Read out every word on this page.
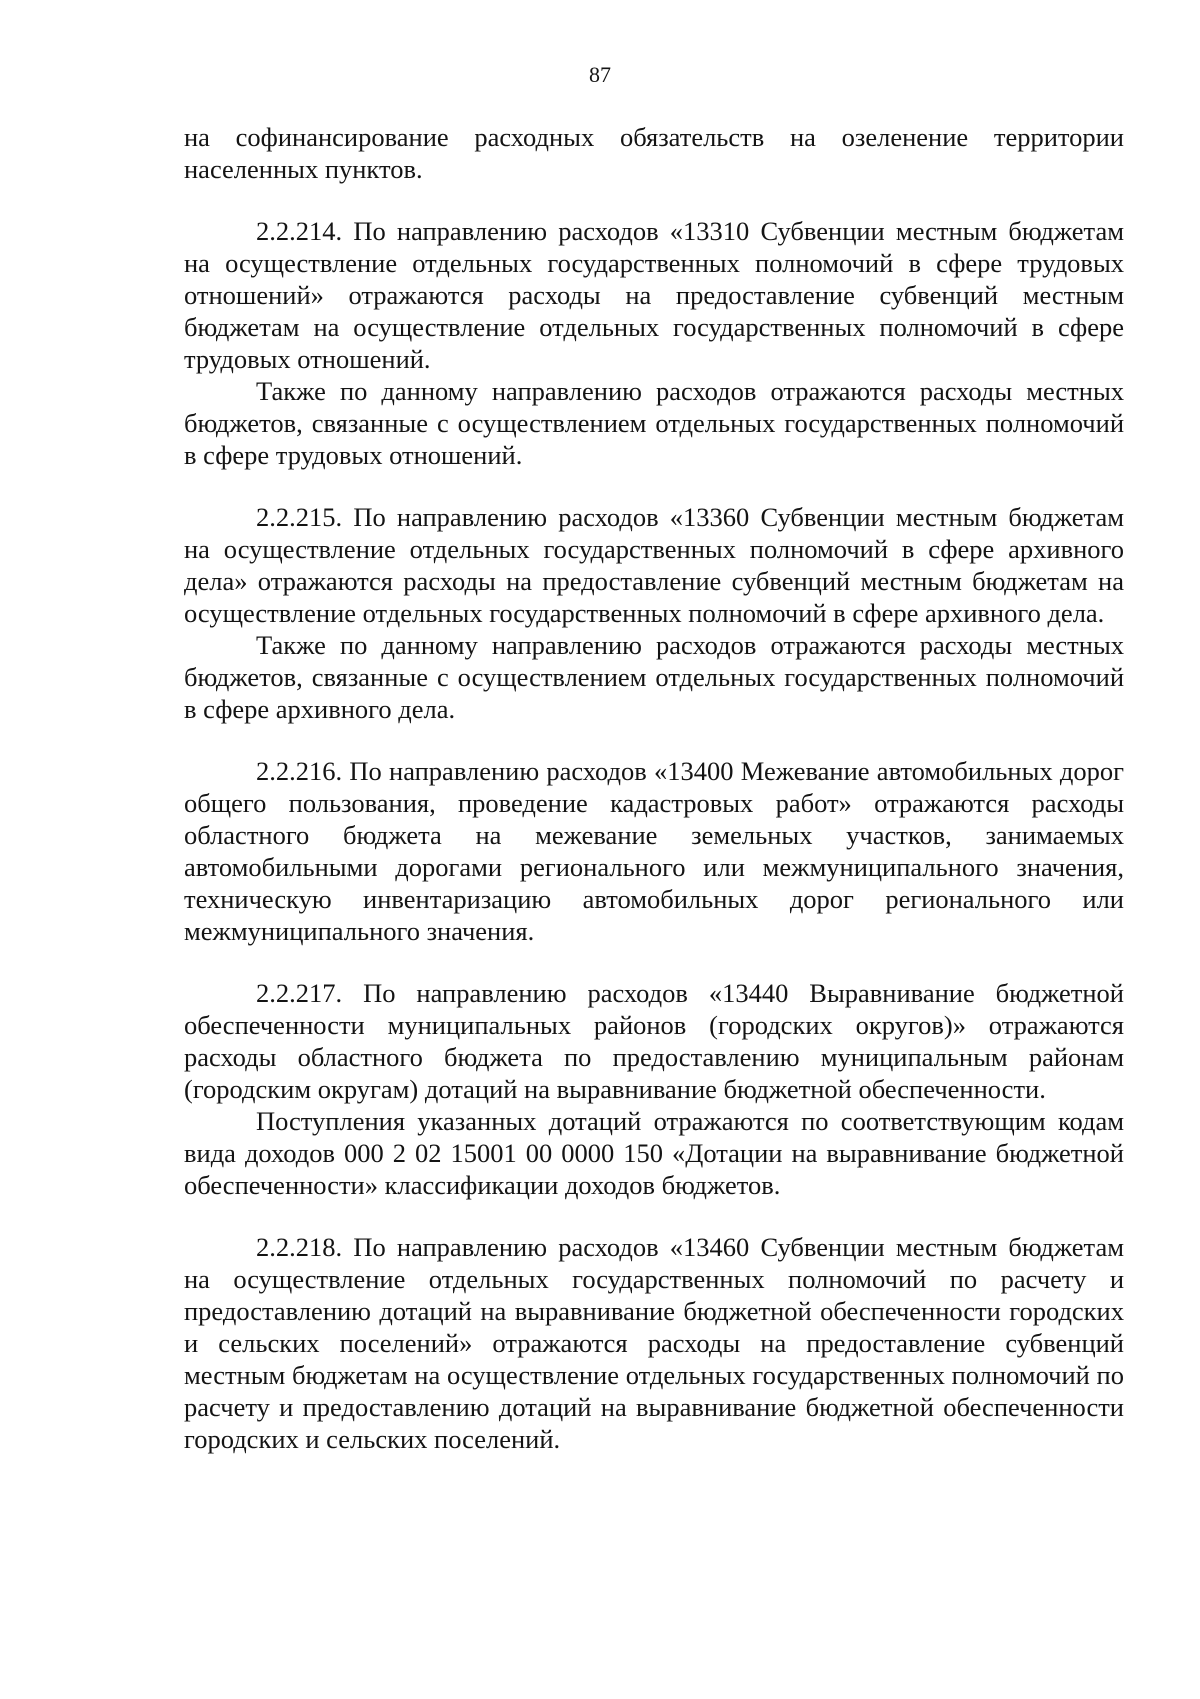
87

на софинансирование расходных обязательств на озеленение территории населенных пунктов.

2.2.214. По направлению расходов «13310 Субвенции местным бюджетам на осуществление отдельных государственных полномочий в сфере трудовых отношений» отражаются расходы на предоставление субвенций местным бюджетам на осуществление отдельных государственных полномочий в сфере трудовых отношений.

Также по данному направлению расходов отражаются расходы местных бюджетов, связанные с осуществлением отдельных государственных полномочий в сфере трудовых отношений.

2.2.215. По направлению расходов «13360 Субвенции местным бюджетам на осуществление отдельных государственных полномочий в сфере архивного дела» отражаются расходы на предоставление субвенций местным бюджетам на осуществление отдельных государственных полномочий в сфере архивного дела.

Также по данному направлению расходов отражаются расходы местных бюджетов, связанные с осуществлением отдельных государственных полномочий в сфере архивного дела.

2.2.216. По направлению расходов «13400 Межевание автомобильных дорог общего пользования, проведение кадастровых работ» отражаются расходы областного бюджета на межевание земельных участков, занимаемых автомобильными дорогами регионального или межмуниципального значения, техническую инвентаризацию автомобильных дорог регионального или межмуниципального значения.

2.2.217. По направлению расходов «13440 Выравнивание бюджетной обеспеченности муниципальных районов (городских округов)» отражаются расходы областного бюджета по предоставлению муниципальным районам (городским округам) дотаций на выравнивание бюджетной обеспеченности.

Поступления указанных дотаций отражаются по соответствующим кодам вида доходов 000 2 02 15001 00 0000 150 «Дотации на выравнивание бюджетной обеспеченности» классификации доходов бюджетов.

2.2.218. По направлению расходов «13460 Субвенции местным бюджетам на осуществление отдельных государственных полномочий по расчету и предоставлению дотаций на выравнивание бюджетной обеспеченности городских и сельских поселений» отражаются расходы на предоставление субвенций местным бюджетам на осуществление отдельных государственных полномочий по расчету и предоставлению дотаций на выравнивание бюджетной обеспеченности городских и сельских поселений.
